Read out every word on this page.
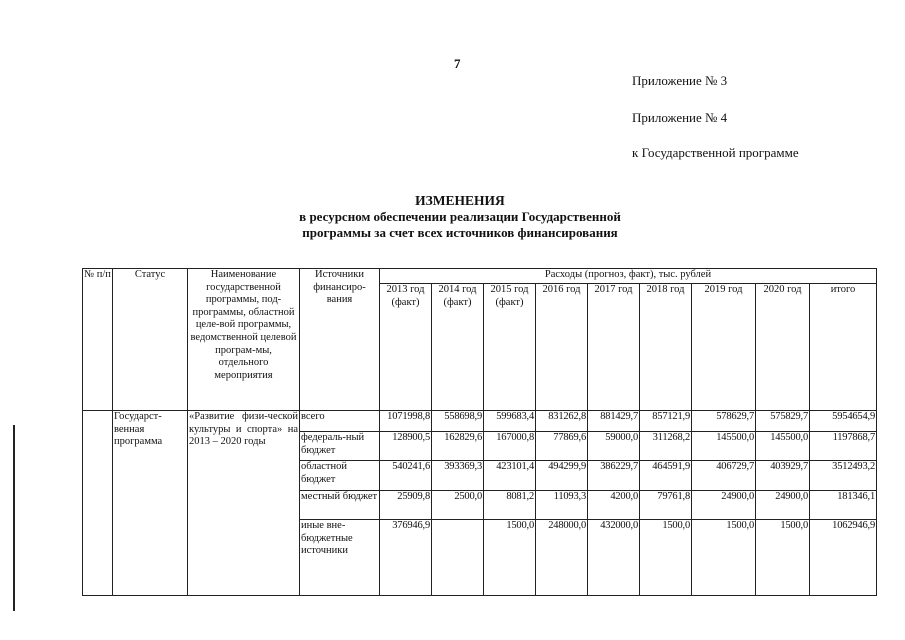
7
Приложение № 3
Приложение № 4
к Государственной программе
ИЗМЕНЕНИЯ
в ресурсном обеспечении реализации Государственной
программы за счет всех источников финансирования
№ п/п	Статус	Наименование государственной программы, под-программы, областной целе-вой программы, ведомственной целевой програм-мы, отдельного мероприятия	Источники финансиро-вания	Расходы (прогноз, факт), тыс. рублей								
				2013 год (факт)	2014 год (факт)	2015 год (факт)	2016 год	2017 год	2018 год	2019 год	2020 год	итого
	Государст-венная программа	«Развитие физи-ческой культуры и спорта» на 2013 – 2020 годы	всего	1071998,8	558698,9	599683,4	831262,8	881429,7	857121,9	578629,7	575829,7	5954654,9
			федераль-ный бюджет	128900,5	162829,6	167000,8	77869,6	59000,0	311268,2	145500,0	145500,0	1197868,7
			областной бюджет	540241,6	393369,3	423101,4	494299,9	386229,7	464591,9	406729,7	403929,7	3512493,2
			местный бюджет	25909,8	2500,0	8081,2	11093,3	4200,0	79761,8	24900,0	24900,0	181346,1
			иные вне-бюджетные источники	376946,9		1500,0	248000,0	432000,0	1500,0	1500,0	1500,0	1062946,9
